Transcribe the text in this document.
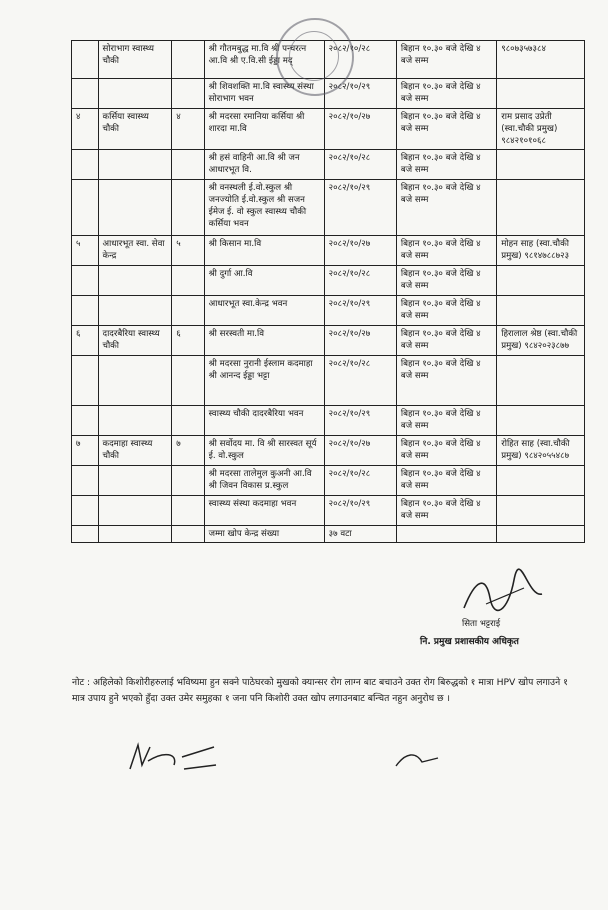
	सोराभाग स्वास्थ्य चौकी		श्री गौतमबुद्ध मा.वि श्री पन्चरत्न आ.वि श्री ए.वि.सी ईड्डा मद्	२०८२/१०/२८	बिहान १०.३० बजे देखि ४ बजे सम्म	९८०७३५७३८४
			श्री शिवशक्ति मा.वि स्वास्थ्य संस्था सोराभाग भवन	२०८२/१०/२९	बिहान १०.३० बजे देखि ४ बजे सम्म	
४	कर्सिया स्वास्थ्य चौकी	४	श्री मदरसा रमानिया कर्सिया श्री शारदा मा.वि	२०८२/१०/२७	बिहान १०.३० बजे देखि ४ बजे सम्म	राम प्रसाद उप्रेती (स्वा.चौकी प्रमुख) ९८४२१०१०६८
			श्री हसं वाहिनी आ.वि श्री जन आधारभूत वि.	२०८२/१०/२८	बिहान १०.३० बजे देखि ४ बजे सम्म	
			श्री वनस्थली ई.वो.स्कुल श्री जनज्योति ई.वो.स्कुल श्री सजन ईमेज ई. वो स्कुल स्वास्थ्य चौकी कर्सिया भवन	२०८२/१०/२९	बिहान १०.३० बजे देखि ४ बजे सम्म	
५	आधारभूत स्वा. सेवा केन्द्र	५	श्री किसान मा.वि	२०८२/१०/२७	बिहान १०.३० बजे देखि ४ बजे सम्म	मोहन साह (स्वा.चौकी प्रमुख) ९८१४७८८७२३
			श्री दुर्गा आ.वि	२०८२/१०/२८	बिहान १०.३० बजे देखि ४ बजे सम्म	
			आधारभूत स्वा.केन्द्र भवन	२०८२/१०/२९	बिहान १०.३० बजे देखि ४ बजे सम्म	
६	दादरबैरिया स्वास्थ्य चौकी	६	श्री सरस्वती मा.वि	२०८२/१०/२७	बिहान १०.३० बजे देखि ४ बजे सम्म	हिरालाल श्रेष्ठ (स्वा.चौकी प्रमुख) ९८४२०२३८७७
			श्री मदरसा नुरानी ईस्लाम कदमाहा श्री आनन्द ईड्डा भट्टा	२०८२/१०/२८	बिहान १०.३० बजे देखि ४ बजे सम्म	
			स्वास्थ्य चौकी दादरबैरिया भवन	२०८२/१०/२९	बिहान १०.३० बजे देखि ४ बजे सम्म	
७	कदमाहा स्वास्थ्य चौकी	७	श्री सर्वोदय मा. वि श्री सारस्वत सूर्य ई. वो.स्कुल	२०८२/१०/२७	बिहान १०.३० बजे देखि ४ बजे सम्म	रोहित साह (स्वा.चौकी प्रमुख) ९८४२०५५४८७
			श्री मदरसा तालेमुल कुअनी आ.वि श्री जिवन विकास प्र.स्कुल	२०८२/१०/२८	बिहान १०.३० बजे देखि ४ बजे सम्म	
			स्वास्थ्य संस्था कदमाहा भवन	२०८२/१०/२९	बिहान १०.३० बजे देखि ४ बजे सम्म	
			जम्मा खोप केन्द्र संख्या	३७ वटा		
सिता भट्टराई
नि. प्रमुख प्रशासकीय अधिकृत
नोट : अहिलेको किशोरीहरुलाई भविष्यमा हुन सक्ने पाठेघरको मुखको क्यान्सर रोग लाग्न बाट बचाउने उक्त रोग बिरुद्धको १ मात्रा HPV खोप लगाउने १ मात्र उपाय हुने भएको हुँदा उक्त उमेर समुहका १ जना पनि किशोरी उक्त खोप लगाउनबाट बन्चित नहुन अनुरोध छ ।
